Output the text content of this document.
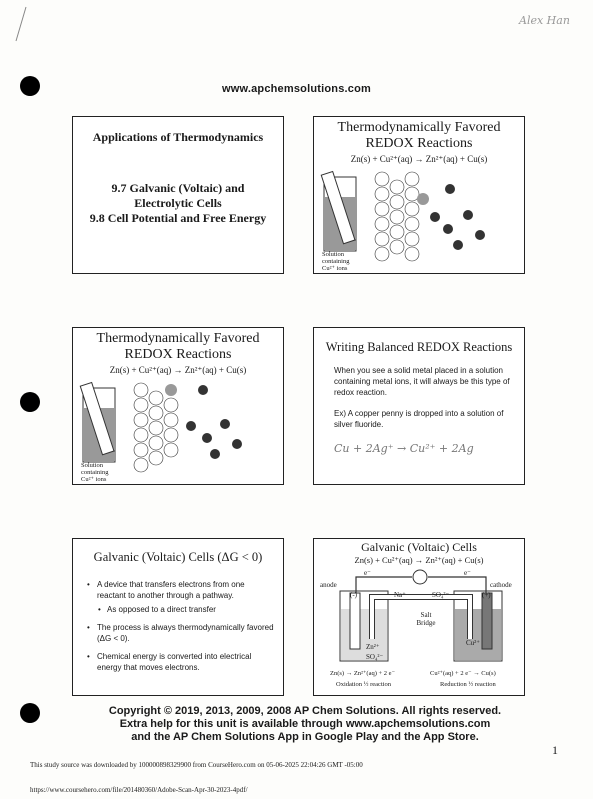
Alex Han
www.apchemsolutions.com
Applications of Thermodynamics
9.7 Galvanic (Voltaic) and
Electrolytic Cells
9.8 Cell Potential and Free Energy
Thermodynamically Favored
REDOX Reactions
Zn(s) + Cu²⁺(aq) → Zn²⁺(aq) + Cu(s)
Solution containing Cu²⁺ ions
Thermodynamically Favored
REDOX Reactions
Zn(s) + Cu²⁺(aq) → Zn²⁺(aq) + Cu(s)
Solution containing Cu²⁺ ions
Writing Balanced REDOX Reactions
When you see a solid metal placed in a solution containing metal ions, it will always be this type of redox reaction.
Ex) A copper penny is dropped into a solution of silver fluoride.
Cu + 2Ag⁺ → Cu²⁺ + 2Ag
Galvanic (Voltaic) Cells (ΔG < 0)
• A device that transfers electrons from one reactant to another through a pathway.
• As opposed to a direct transfer
• The process is always thermodynamically favored (ΔG < 0).
• Chemical energy is converted into electrical energy that moves electrons.
Galvanic (Voltaic) Cells
Zn(s) + Cu²⁺(aq) → Zn²⁺(aq) + Cu(s)
anode	cathode
(-)	(+)
e⁻	e⁻
Na⁺	SO₄²⁻
Salt Bridge
Zn²⁺
SO₄²⁻
Cu²⁺
Zn(s) → Zn²⁺(aq) + 2 e⁻
Oxidation ½ reaction
Cu²⁺(aq) + 2 e⁻ → Cu(s)
Reduction ½ reaction
Copyright © 2019, 2013, 2009, 2008 AP Chem Solutions. All rights reserved.
Extra help for this unit is available through www.apchemsolutions.com
and the AP Chem Solutions App in Google Play and the App Store.
1
This study source was downloaded by 100000898329900 from CourseHero.com on 05-06-2025 22:04:26 GMT -05:00
https://www.coursehero.com/file/201480360/Adobe-Scan-Apr-30-2023-4pdf/
